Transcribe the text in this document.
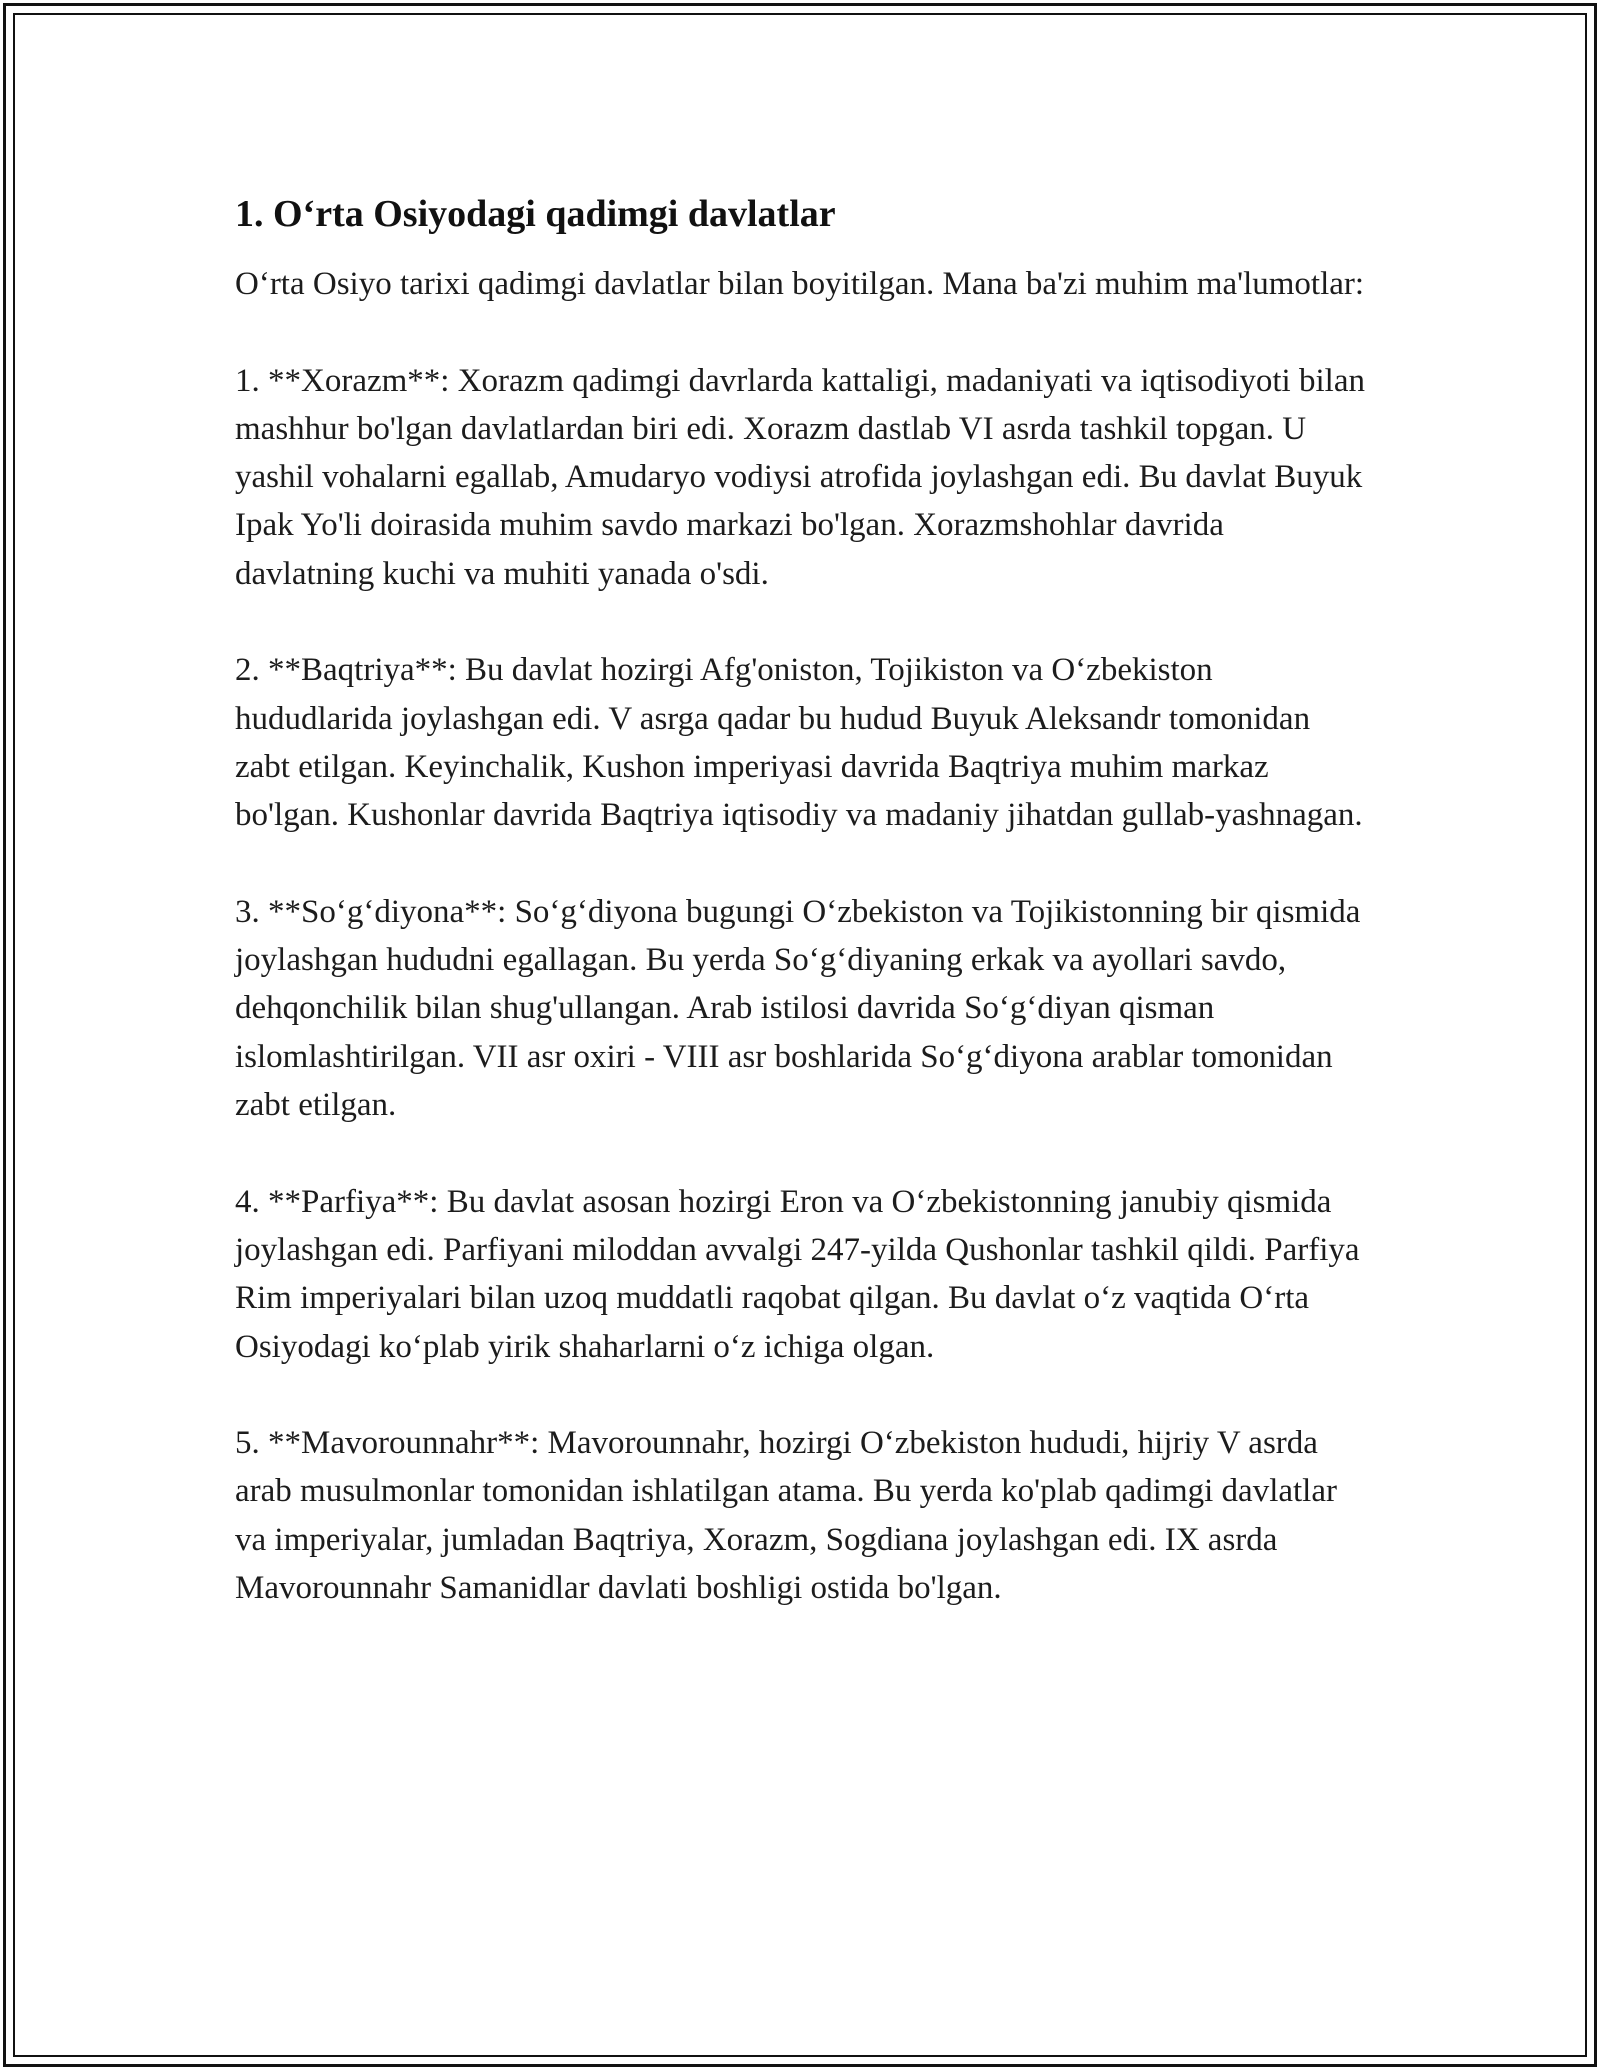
1. O‘rta Osiyodagi qadimgi davlatlar

O‘rta Osiyo tarixi qadimgi davlatlar bilan boyitilgan. Mana ba'zi muhim ma'lumotlar:

1. **Xorazm**: Xorazm qadimgi davrlarda kattaligi, madaniyati va iqtisodiyoti bilan mashhur bo'lgan davlatlardan biri edi. Xorazm dastlab VI asrda tashkil topgan. U yashil vohalarni egallab, Amudaryo vodiysi atrofida joylashgan edi. Bu davlat Buyuk Ipak Yo'li doirasida muhim savdo markazi bo'lgan. Xorazmshohlar davrida davlatning kuchi va muhiti yanada o'sdi.

2. **Baqtriya**: Bu davlat hozirgi Afg'oniston, Tojikiston va O‘zbekiston hududlarida joylashgan edi. V asrga qadar bu hudud Buyuk Aleksandr tomonidan zabt etilgan. Keyinchalik, Kushon imperiyasi davrida Baqtriya muhim markaz bo'lgan. Kushonlar davrida Baqtriya iqtisodiy va madaniy jihatdan gullab-yashnagan.

3. **So‘g‘diyona**: So‘g‘diyona bugungi O‘zbekiston va Tojikistonning bir qismida joylashgan hududni egallagan. Bu yerda So‘g‘diyaning erkak va ayollari savdo, dehqonchilik bilan shug'ullangan. Arab istilosi davrida So‘g‘diyan qisman islomlashtirilgan. VII asr oxiri - VIII asr boshlarida So‘g‘diyona arablar tomonidan zabt etilgan.

4. **Parfiya**: Bu davlat asosan hozirgi Eron va O‘zbekistonning janubiy qismida joylashgan edi. Parfiyani miloddan avvalgi 247-yilda Qushonlar tashkil qildi. Parfiya Rim imperiyalari bilan uzoq muddatli raqobat qilgan. Bu davlat o‘z vaqtida O‘rta Osiyodagi ko‘plab yirik shaharlarni o‘z ichiga olgan.

5. **Mavorounnahr**: Mavorounnahr, hozirgi O‘zbekiston hududi, hijriy V asrda arab musulmonlar tomonidan ishlatilgan atama. Bu yerda ko'plab qadimgi davlatlar va imperiyalar, jumladan Baqtriya, Xorazm, Sogdiana joylashgan edi. IX asrda Mavorounnahr Samanidlar davlati boshligi ostida bo'lgan.
